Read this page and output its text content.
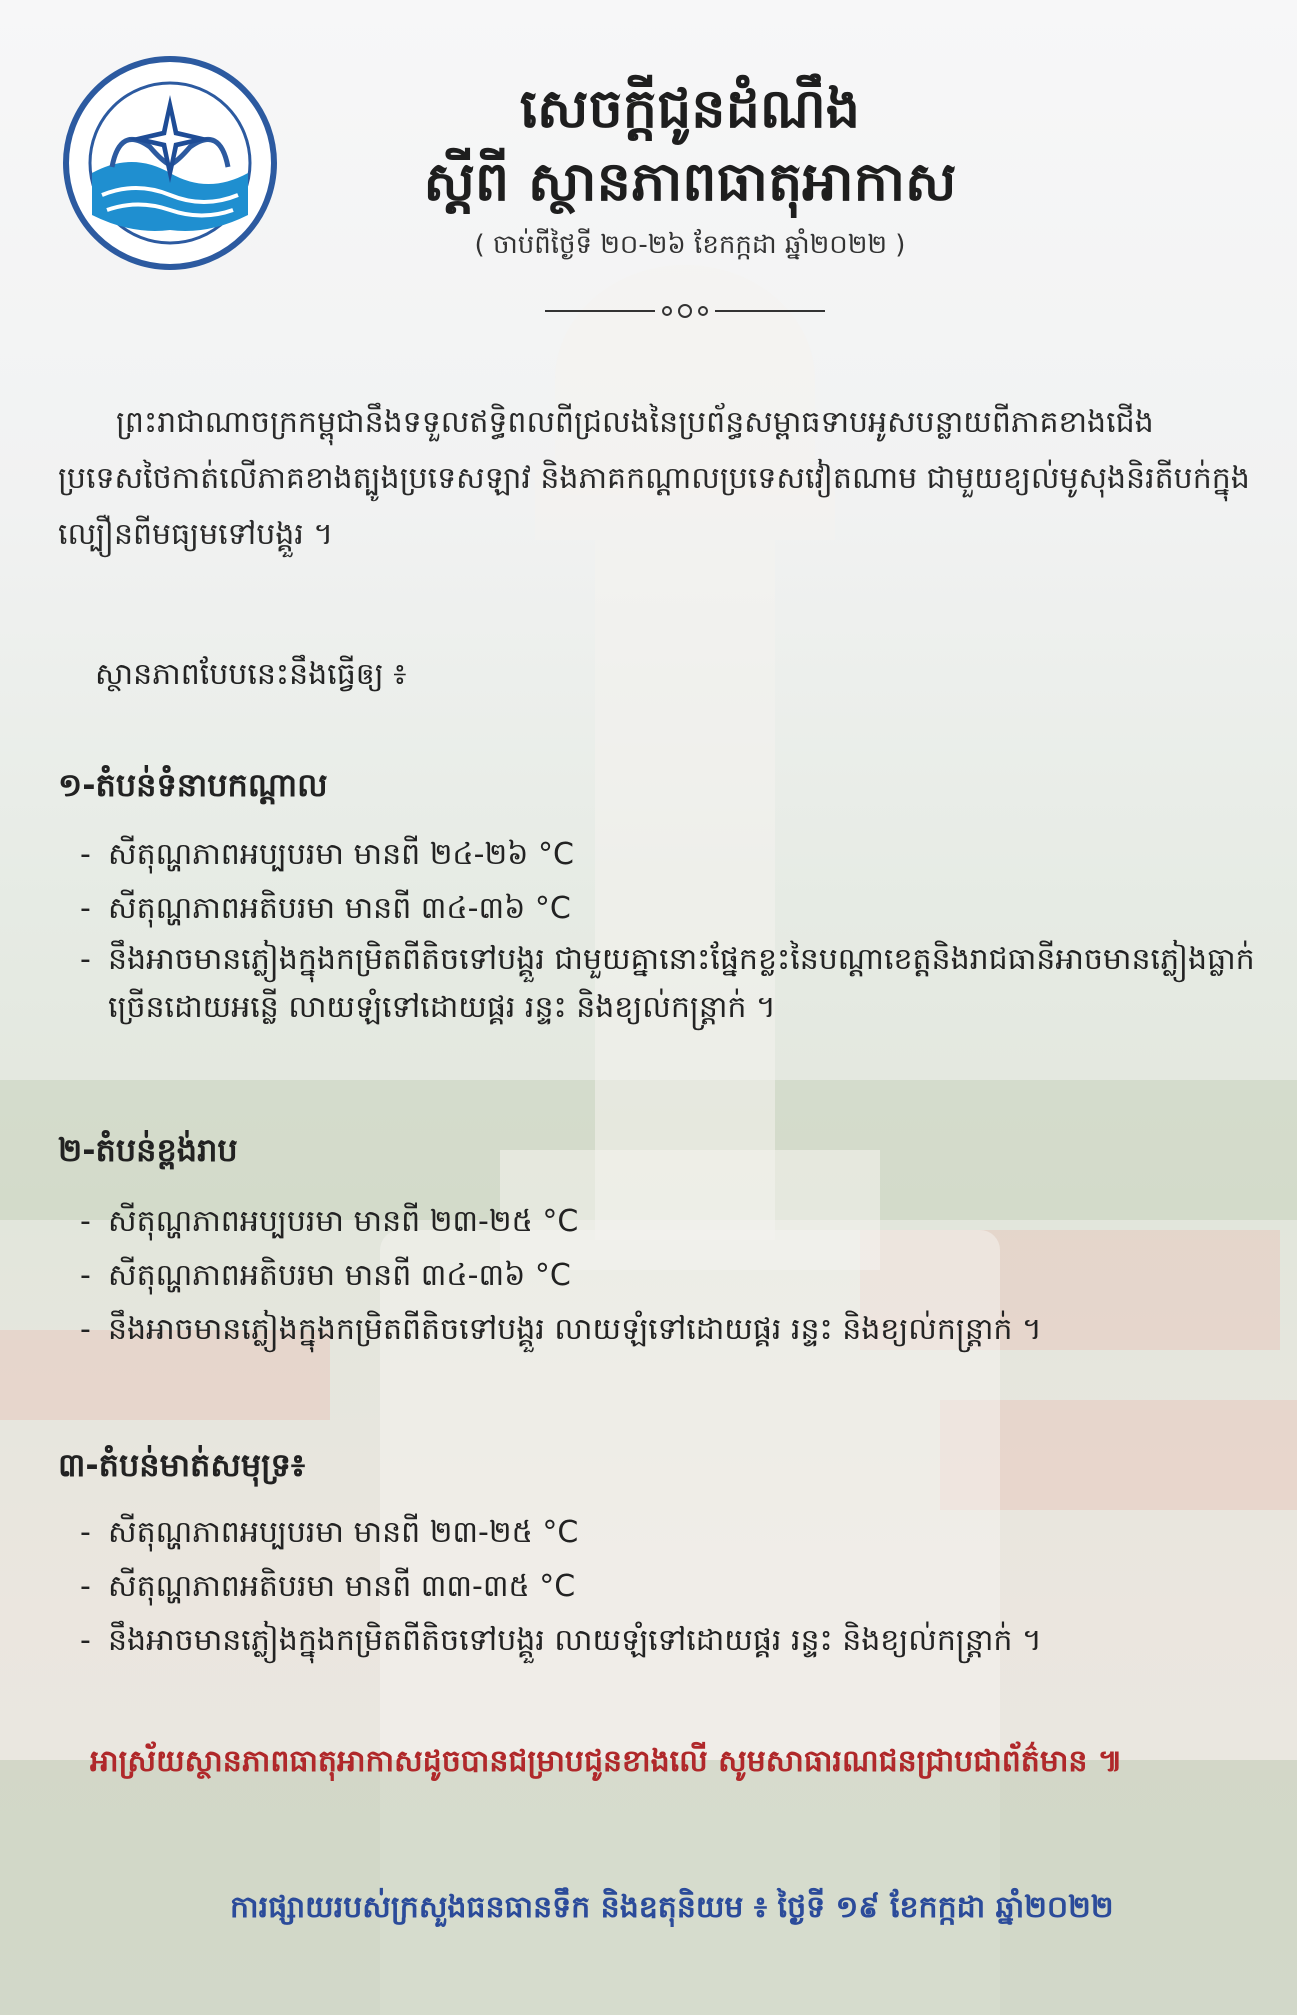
សេចក្តីជូនដំណឹង
ស្តីពី ស្ថានភាពធាតុអាកាស
( ចាប់ពីថ្ងៃទី ២០-២៦ ខែកក្កដា ឆ្នាំ២០២២ )
ព្រះរាជាណាចក្រកម្ពុជានឹងទទួលឥទ្ធិពលពីជ្រលងនៃប្រព័ន្ធសម្ពាធទាបអូសបន្លាយពីភាគខាងជើងប្រទេសថៃកាត់លើភាគខាងត្បូងប្រទេសឡាវ និងភាគកណ្តាលប្រទេសវៀតណាម ជាមួយខ្យល់មូសុងនិរតីបក់ក្នុងល្បឿនពីមធ្យមទៅបង្គួរ ។
ស្ថានភាពបែបនេះនឹងធ្វើឲ្យ ៖
១-តំបន់ទំនាបកណ្តាល
- សីតុណ្ហភាពអប្បបរមា មានពី ២៤-២៦ °C
- សីតុណ្ហភាពអតិបរមា មានពី ៣៤-៣៦ °C
- នឹងអាចមានភ្លៀងក្នុងកម្រិតពីតិចទៅបង្គួរ ជាមួយគ្នានោះផ្នែកខ្លះនៃបណ្តាខេត្តនិងរាជធានីអាចមានភ្លៀងធ្លាក់ច្រើនដោយអន្លើ លាយឡំទៅដោយផ្គរ រន្ទះ និងខ្យល់កន្ត្រាក់ ។
២-តំបន់ខ្ពង់រាប
- សីតុណ្ហភាពអប្បបរមា មានពី ២៣-២៥ °C
- សីតុណ្ហភាពអតិបរមា មានពី ៣៤-៣៦ °C
- នឹងអាចមានភ្លៀងក្នុងកម្រិតពីតិចទៅបង្គួរ លាយឡំទៅដោយផ្គរ រន្ទះ និងខ្យល់កន្ត្រាក់ ។
៣-តំបន់មាត់សមុទ្រ៖
- សីតុណ្ហភាពអប្បបរមា មានពី ២៣-២៥ °C
- សីតុណ្ហភាពអតិបរមា មានពី ៣៣-៣៥ °C
- នឹងអាចមានភ្លៀងក្នុងកម្រិតពីតិចទៅបង្គួរ លាយឡំទៅដោយផ្គរ រន្ទះ និងខ្យល់កន្ត្រាក់ ។
អាស្រ័យស្ថានភាពធាតុអាកាសដូចបានជម្រាបជូនខាងលើ សូមសាធារណជនជ្រាបជាព័ត៌មាន ៕
ការផ្សាយរបស់ក្រសួងធនធានទឹក និងឧតុនិយម ៖ ថ្ងៃទី ១៩ ខែកក្កដា ឆ្នាំ២០២២
